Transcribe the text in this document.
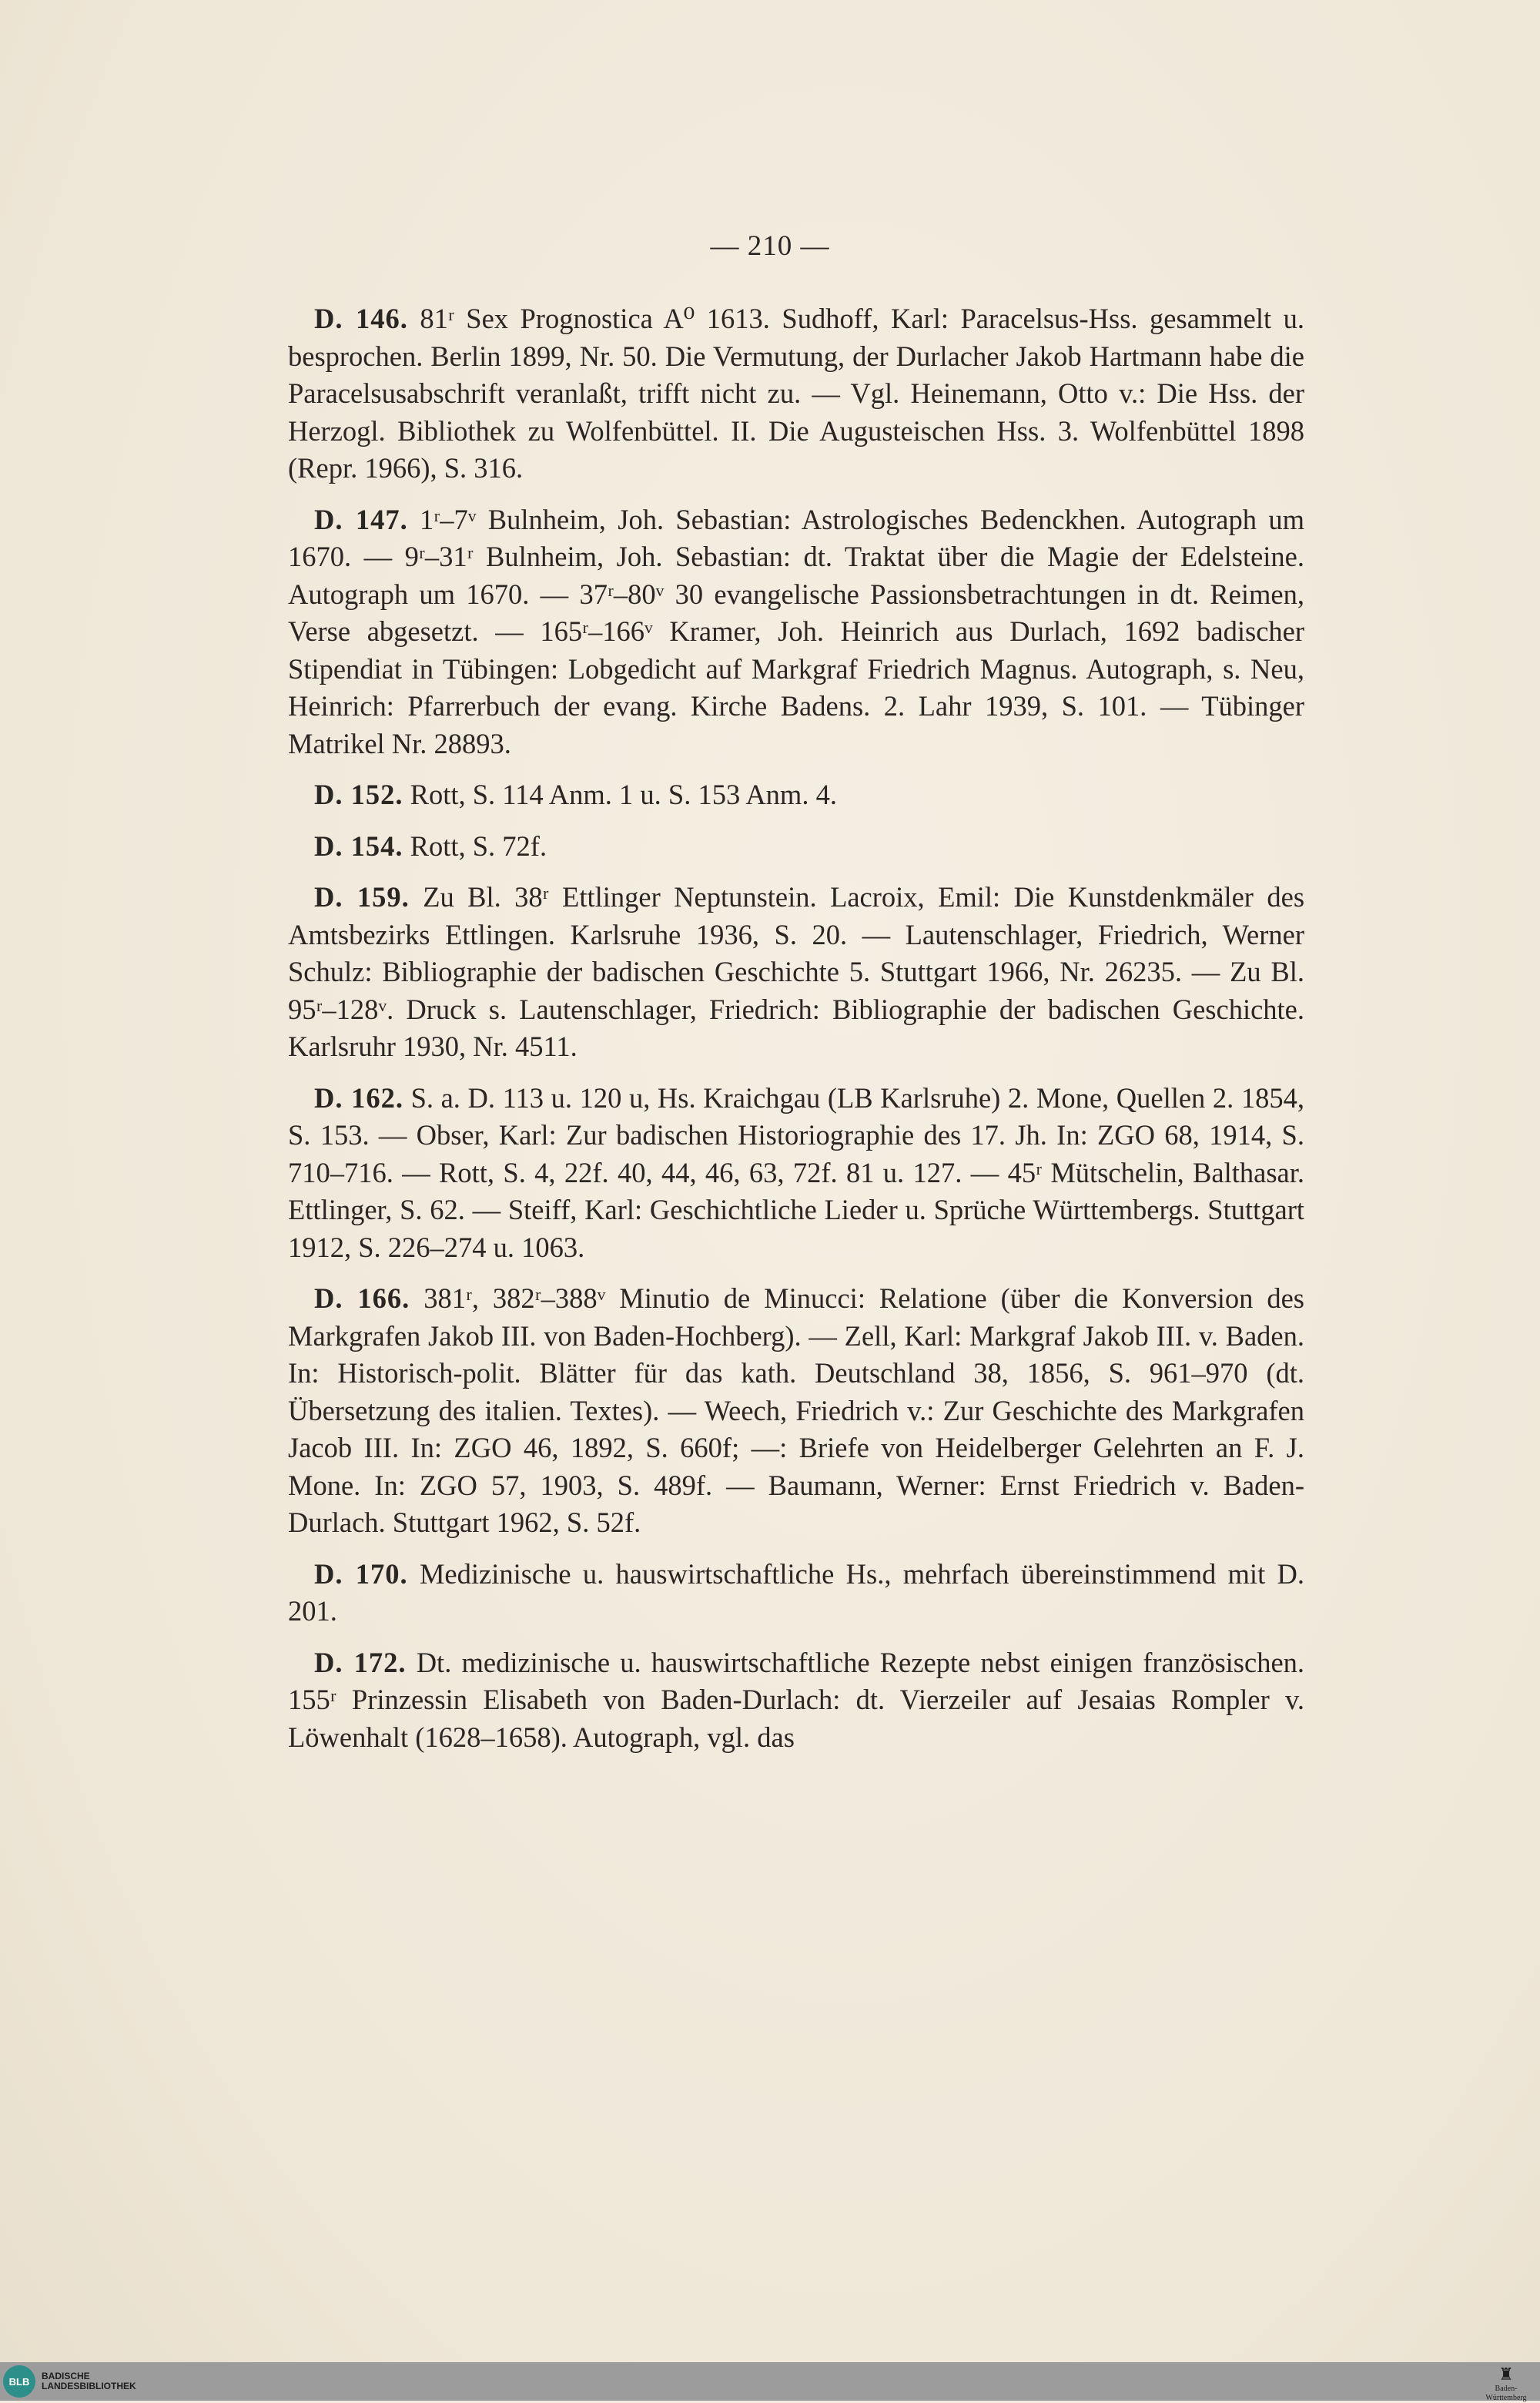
— 210 —

D. 146. 81ʳ Sex Prognostica A⁰ 1613. Sudhoff, Karl: Paracelsus-Hss. gesammelt u. besprochen. Berlin 1899, Nr. 50. Die Vermutung, der Durlacher Jakob Hartmann habe die Paracelsusabschrift veranlaßt, trifft nicht zu. — Vgl. Heinemann, Otto v.: Die Hss. der Herzogl. Bibliothek zu Wolfenbüttel. II. Die Augusteischen Hss. 3. Wolfenbüttel 1898 (Repr. 1966), S. 316.

D. 147. 1ʳ–7ᵛ Bulnheim, Joh. Sebastian: Astrologisches Bedenckhen. Autograph um 1670. — 9ʳ–31ʳ Bulnheim, Joh. Sebastian: dt. Traktat über die Magie der Edelsteine. Autograph um 1670. — 37ʳ–80ᵛ 30 evangelische Passionsbetrachtungen in dt. Reimen, Verse abgesetzt. — 165ʳ–166ᵛ Kramer, Joh. Heinrich aus Durlach, 1692 badischer Stipendiat in Tübingen: Lobgedicht auf Markgraf Friedrich Magnus. Autograph, s. Neu, Heinrich: Pfarrerbuch der evang. Kirche Badens. 2. Lahr 1939, S. 101. — Tübinger Matrikel Nr. 28893.

D. 152. Rott, S. 114 Anm. 1 u. S. 153 Anm. 4.

D. 154. Rott, S. 72f.

D. 159. Zu Bl. 38ʳ Ettlinger Neptunstein. Lacroix, Emil: Die Kunstdenkmäler des Amtsbezirks Ettlingen. Karlsruhe 1936, S. 20. — Lautenschlager, Friedrich, Werner Schulz: Bibliographie der badischen Geschichte 5. Stuttgart 1966, Nr. 26235. — Zu Bl. 95ʳ–128ᵛ. Druck s. Lautenschlager, Friedrich: Bibliographie der badischen Geschichte. Karlsruhr 1930, Nr. 4511.

D. 162. S. a. D. 113 u. 120 u, Hs. Kraichgau (LB Karlsruhe) 2. Mone, Quellen 2. 1854, S. 153. — Obser, Karl: Zur badischen Historiographie des 17. Jh. In: ZGO 68, 1914, S. 710–716. — Rott, S. 4, 22f. 40, 44, 46, 63, 72f. 81 u. 127. — 45ʳ Mütschelin, Balthasar. Ettlinger, S. 62. — Steiff, Karl: Geschichtliche Lieder u. Sprüche Württembergs. Stuttgart 1912, S. 226–274 u. 1063.

D. 166. 381ʳ, 382ʳ–388ᵛ Minutio de Minucci: Relatione (über die Konversion des Markgrafen Jakob III. von Baden-Hochberg). — Zell, Karl: Markgraf Jakob III. v. Baden. In: Historisch-polit. Blätter für das kath. Deutschland 38, 1856, S. 961–970 (dt. Übersetzung des italien. Textes). — Weech, Friedrich v.: Zur Geschichte des Markgrafen Jacob III. In: ZGO 46, 1892, S. 660f; —: Briefe von Heidelberger Gelehrten an F. J. Mone. In: ZGO 57, 1903, S. 489f. — Baumann, Werner: Ernst Friedrich v. Baden-Durlach. Stuttgart 1962, S. 52f.

D. 170. Medizinische u. hauswirtschaftliche Hs., mehrfach übereinstimmend mit D. 201.

D. 172. Dt. medizinische u. hauswirtschaftliche Rezepte nebst einigen französischen. 155ʳ Prinzessin Elisabeth von Baden-Durlach: dt. Vierzeiler auf Jesaias Rompler v. Löwenhalt (1628–1658). Autograph, vgl. das

BLB	BADISCHE
LANDESBIBLIOTHEK
♜
Baden-Württemberg
